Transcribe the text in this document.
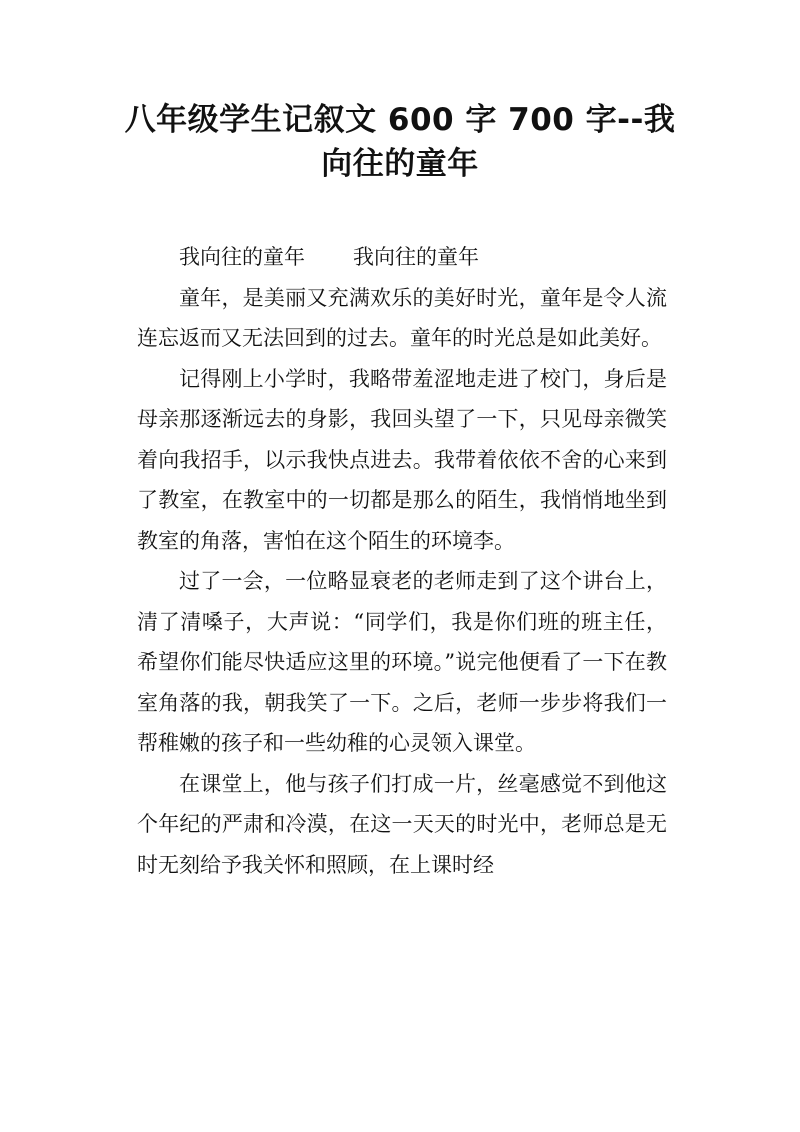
八年级学生记叙文 600 字 700 字--我
向往的童年

我向往的童年 我向往的童年

童年，是美丽又充满欢乐的美好时光，童年是令人流连忘返而又无法回到的过去。童年的时光总是如此美好。

记得刚上小学时，我略带羞涩地走进了校门，身后是母亲那逐渐远去的身影，我回头望了一下，只见母亲微笑着向我招手，以示我快点进去。我带着依依不舍的心来到了教室，在教室中的一切都是那么的陌生，我悄悄地坐到教室的角落，害怕在这个陌生的环境李。

过了一会，一位略显衰老的老师走到了这个讲台上，清了清嗓子，大声说：“同学们，我是你们班的班主任，希望你们能尽快适应这里的环境。”说完他便看了一下在教室角落的我，朝我笑了一下。之后，老师一步步将我们一帮稚嫩的孩子和一些幼稚的心灵领入课堂。

在课堂上，他与孩子们打成一片，丝毫感觉不到他这个年纪的严肃和冷漠，在这一天天的时光中，老师总是无时无刻给予我关怀和照顾，在上课时经
